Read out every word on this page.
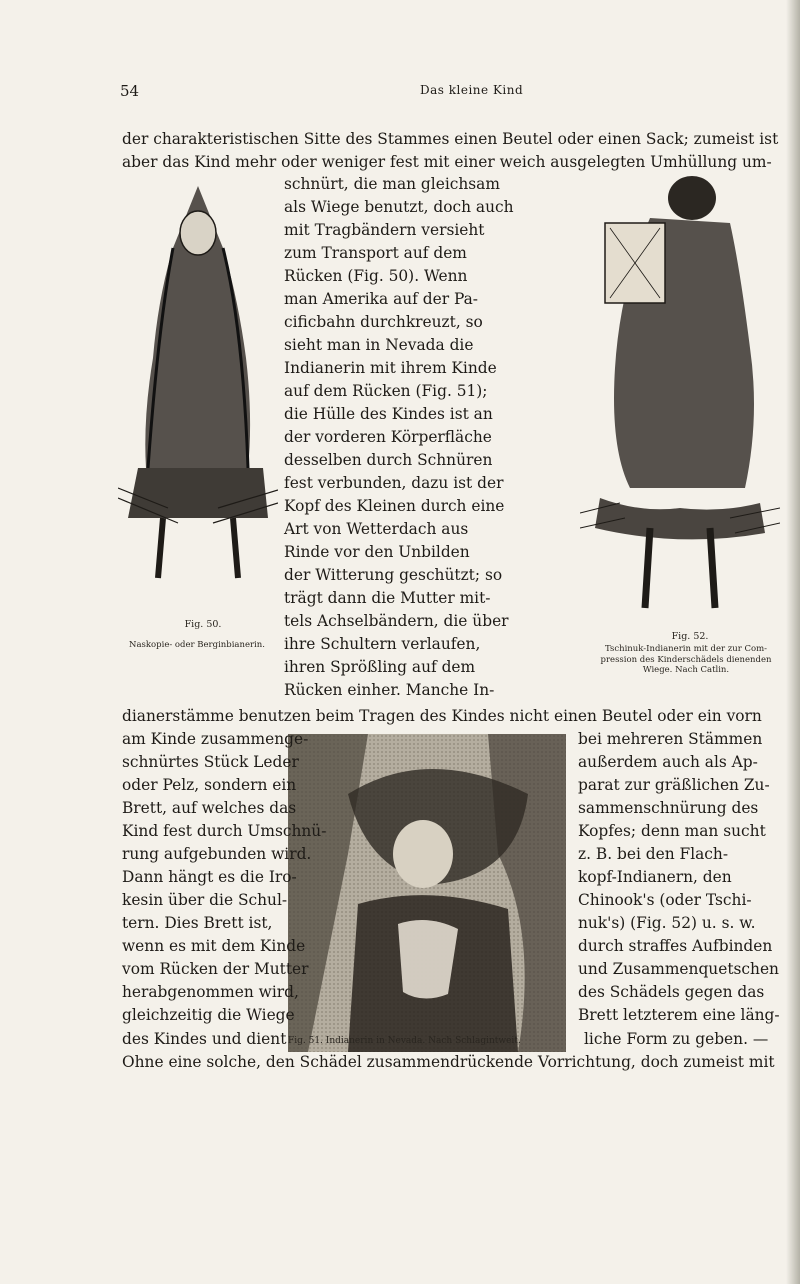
54	Das kleine Kind
der charakteristischen Sitte des Stammes einen Beutel oder einen Sack; zumeist ist
aber das Kind mehr oder weniger fest mit einer weich ausgelegten Umhüllung um-
Fig. 50.
Naskopie- oder Berginbianerin.
schnürt, die man gleichsam
als Wiege benutzt, doch auch
mit Tragbändern versieht
zum Transport auf dem
Rücken (Fig. 50). Wenn
man Amerika auf der Pa-
cificbahn durchkreuzt, so
sieht man in Nevada die
Indianerin mit ihrem Kinde
auf dem Rücken (Fig. 51);
die Hülle des Kindes ist an
der vorderen Körperfläche
desselben durch Schnüren
fest verbunden, dazu ist der
Kopf des Kleinen durch eine
Art von Wetterdach aus
Rinde vor den Unbilden
der Witterung geschützt; so
trägt dann die Mutter mit-
tels Achselbändern, die über
ihre Schultern verlaufen,
ihren Sprößling auf dem
Rücken einher. Manche In-
Fig. 52.
Tschinuk-Indianerin mit der zur Com-
pression des Kinderschädels dienenden
Wiege. Nach Catlin.
dianerstämme benutzen beim Tragen des Kindes nicht einen Beutel oder ein vorn
am Kinde zusammenge-
schnürtes Stück Leder
oder Pelz, sondern ein
Brett, auf welches das
Kind fest durch Umschnü-
rung aufgebunden wird.
Dann hängt es die Iro-
kesin über die Schul-
tern. Dies Brett ist,
wenn es mit dem Kinde
vom Rücken der Mutter
herabgenommen wird,
gleichzeitig die Wiege
bei mehreren Stämmen
außerdem auch als Ap-
parat zur gräßlichen Zu-
sammenschnürung des
Kopfes; denn man sucht
z. B. bei den Flach-
kopf-Indianern, den
Chinook's (oder Tschi-
nuk's) (Fig. 52) u. s. w.
durch straffes Aufbinden
und Zusammenquetschen
des Schädels gegen das
Brett letzterem eine läng-
des Kindes und dient Fig. 51. Indianerin in Nevada. Nach Schlagintweit.	liche Form zu geben. —
Ohne eine solche, den Schädel zusammendrückende Vorrichtung, doch zumeist mit
